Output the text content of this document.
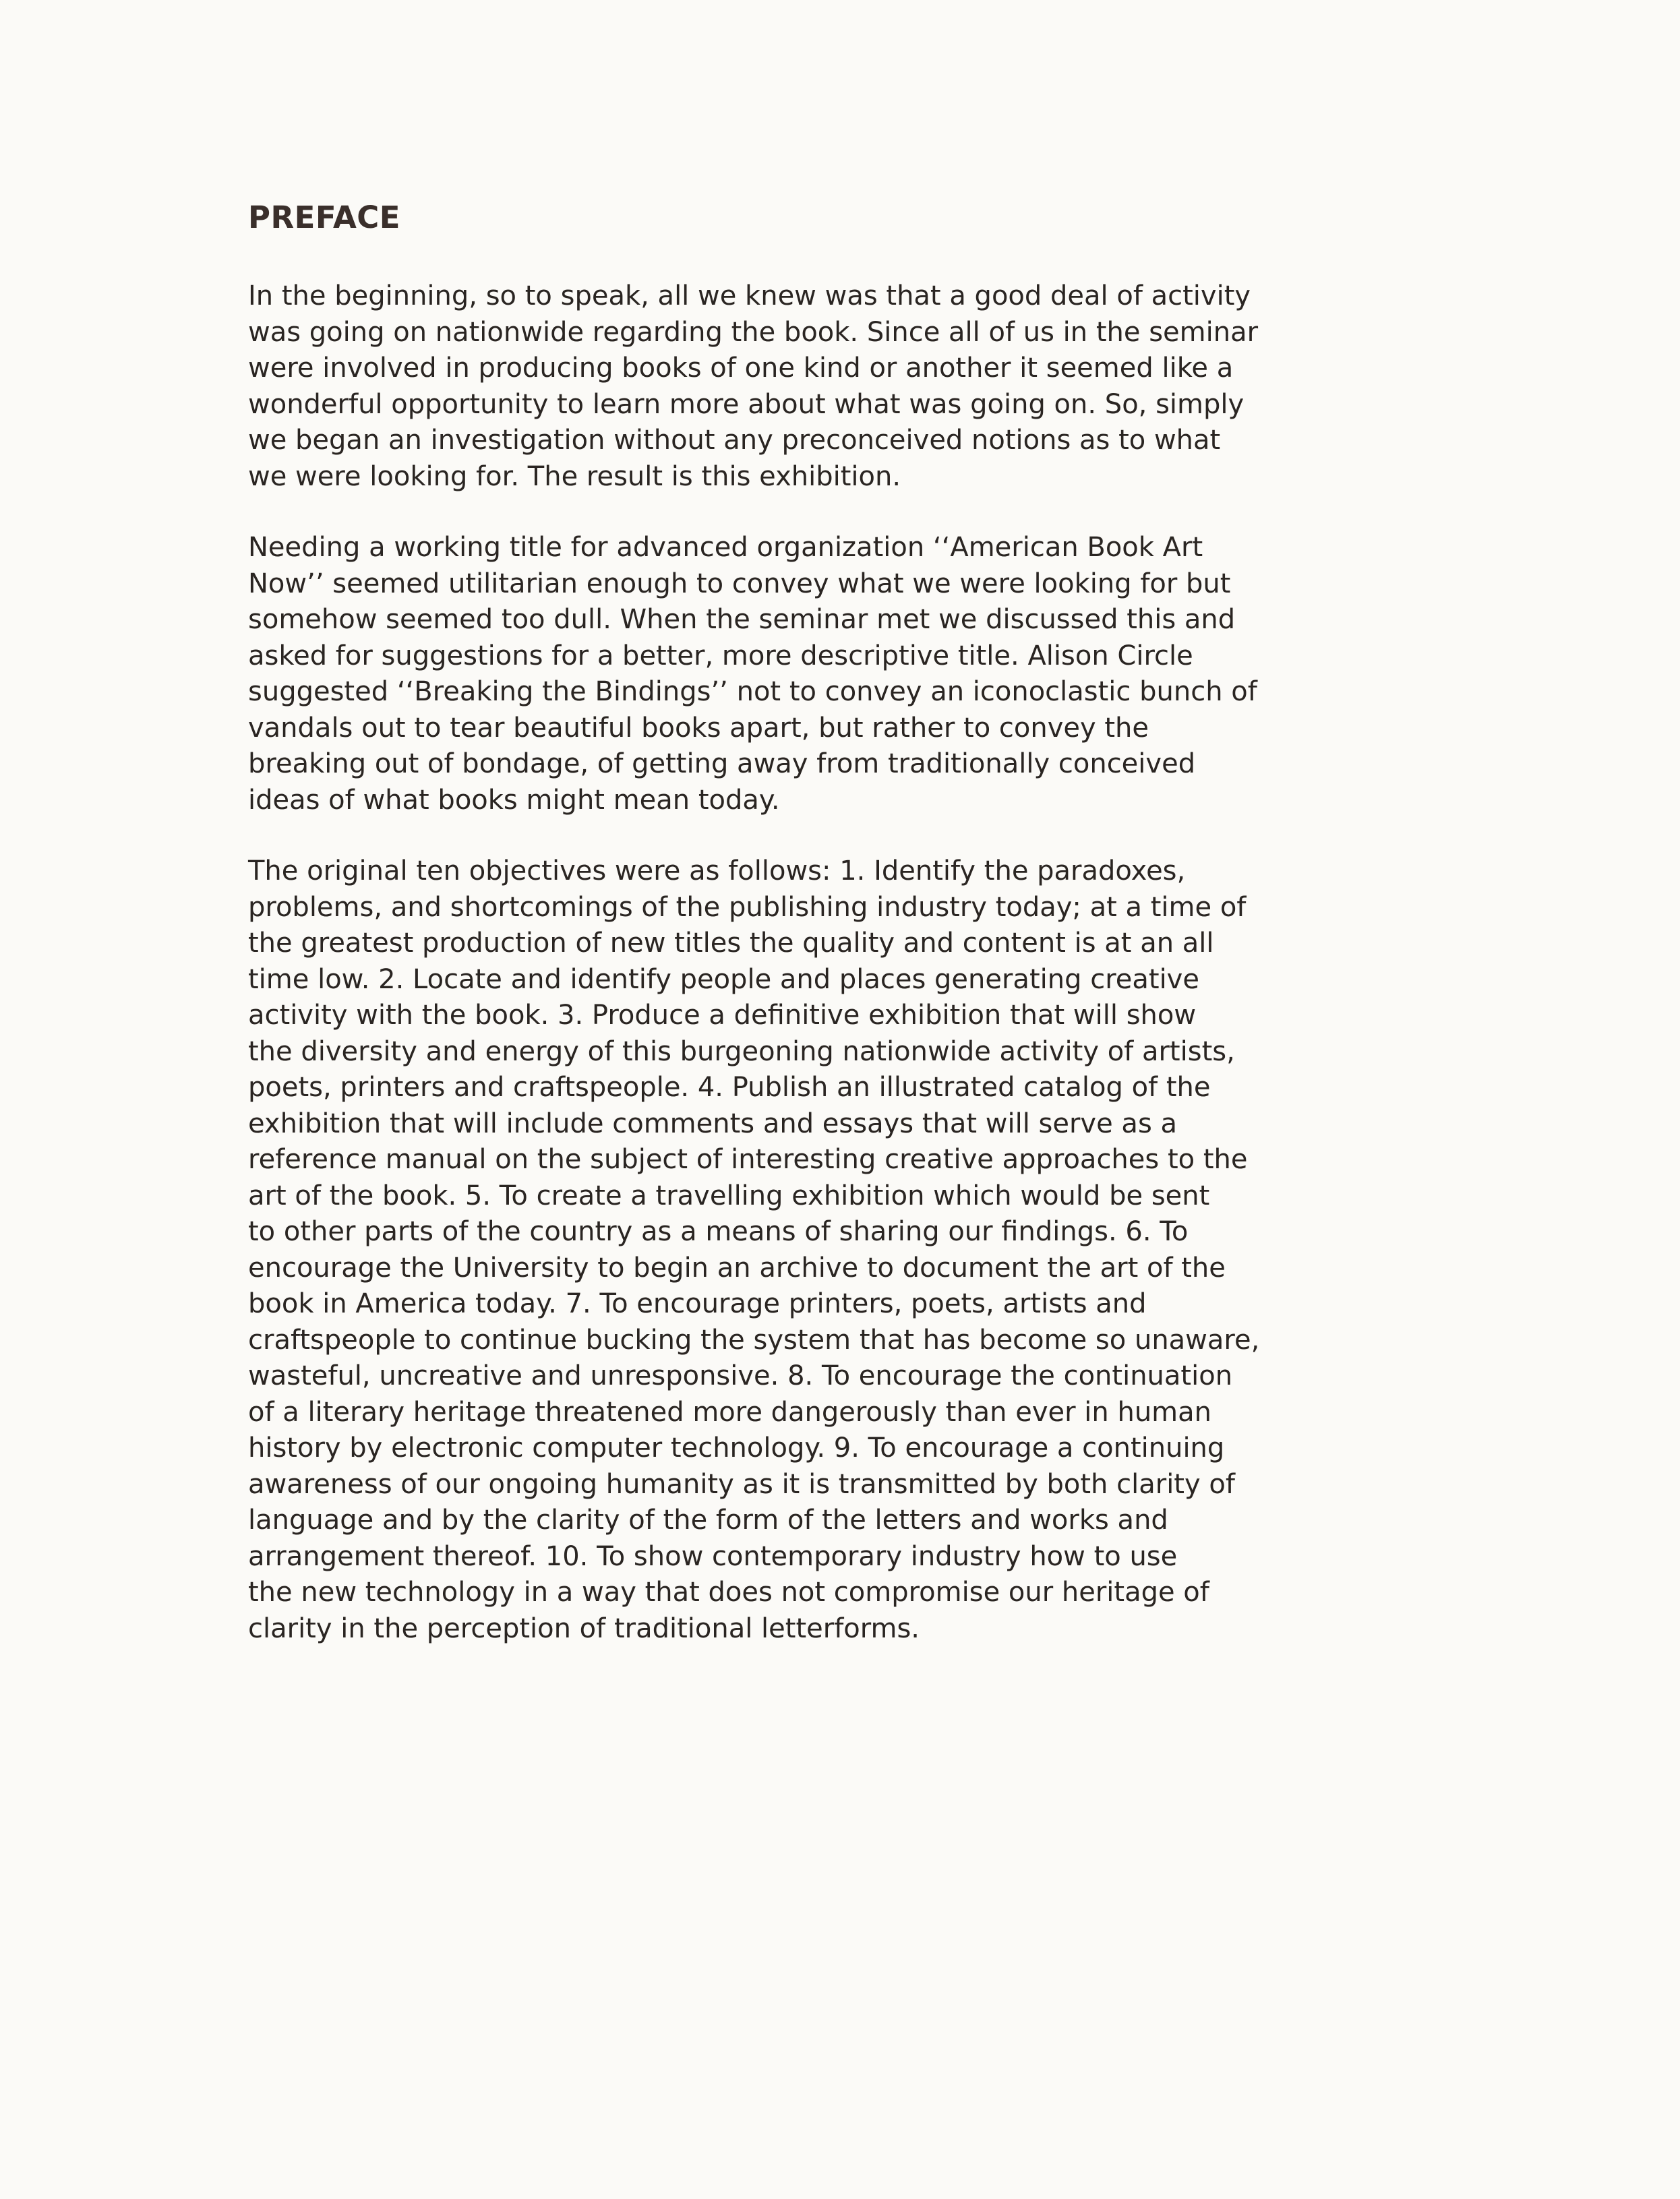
PREFACE
In the beginning, so to speak, all we knew was that a good deal of activity
was going on nationwide regarding the book. Since all of us in the seminar
were involved in producing books of one kind or another it seemed like a
wonderful opportunity to learn more about what was going on. So, simply
we began an investigation without any preconceived notions as to what
we were looking for. The result is this exhibition.
Needing a working title for advanced organization ‘‘American Book Art
Now’’ seemed utilitarian enough to convey what we were looking for but
somehow seemed too dull. When the seminar met we discussed this and
asked for suggestions for a better, more descriptive title. Alison Circle
suggested ‘‘Breaking the Bindings’’ not to convey an iconoclastic bunch of
vandals out to tear beautiful books apart, but rather to convey the
breaking out of bondage, of getting away from traditionally conceived
ideas of what books might mean today.
The original ten objectives were as follows: 1. Identify the paradoxes,
problems, and shortcomings of the publishing industry today; at a time of
the greatest production of new titles the quality and content is at an all
time low. 2. Locate and identify people and places generating creative
activity with the book. 3. Produce a definitive exhibition that will show
the diversity and energy of this burgeoning nationwide activity of artists,
poets, printers and craftspeople. 4. Publish an illustrated catalog of the
exhibition that will include comments and essays that will serve as a
reference manual on the subject of interesting creative approaches to the
art of the book. 5. To create a travelling exhibition which would be sent
to other parts of the country as a means of sharing our findings. 6. To
encourage the University to begin an archive to document the art of the
book in America today. 7. To encourage printers, poets, artists and
craftspeople to continue bucking the system that has become so unaware,
wasteful, uncreative and unresponsive. 8. To encourage the continuation
of a literary heritage threatened more dangerously than ever in human
history by electronic computer technology. 9. To encourage a continuing
awareness of our ongoing humanity as it is transmitted by both clarity of
language and by the clarity of the form of the letters and works and
arrangement thereof. 10. To show contemporary industry how to use
the new technology in a way that does not compromise our heritage of
clarity in the perception of traditional letterforms.
